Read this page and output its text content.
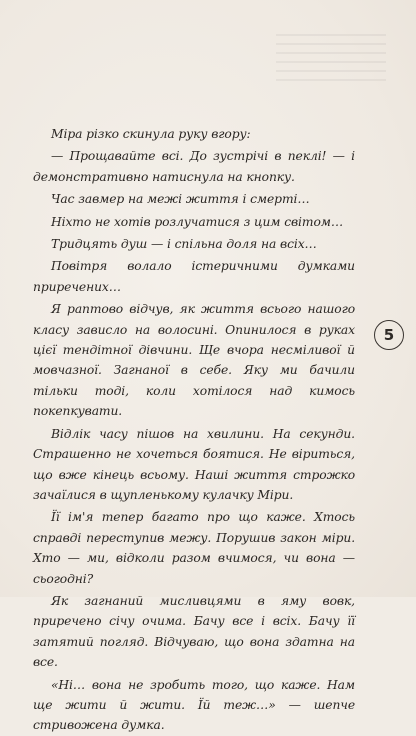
Міра різко скинула руку вгору:

— Прощавайте всі. До зустрічі в пеклі! — і демонстративно натиснула на кнопку.

Час завмер на межі життя і смерті…

Ніхто не хотів розлучатися з цим світом…

Тридцять душ — і спільна доля на всіх…

Повітря волало істеричними думками приречених…

Я раптово відчув, як життя всього нашого класу зависло на волосині. Опинилося в руках цієї тендітної дівчини. Ще вчора несміливої й мовчазної. Загнаної в себе. Яку ми бачили тільки тоді, коли хотілося над кимось покепкувати.

Відлік часу пішов на хвилини. На секунди. Страшенно не хочеться боятися. Не віриться, що вже кінець всьому. Наші життя строжко зачаїлися в щупленькому кулачку Міри.

Її ім'я тепер багато про що каже. Хтось справді переступив межу. Порушив закон міри. Хто — ми, відколи разом вчимося, чи вона — сьогодні?

Як загнаний мисливцями в яму вовк, приречено січу очима. Бачу все і всіх. Бачу її затятий погляд. Відчуваю, що вона здатна на все.

«Ні… вона не зробить того, що каже. Нам ще жити й жити. Їй теж…» — шепче стривожена думка.

5
